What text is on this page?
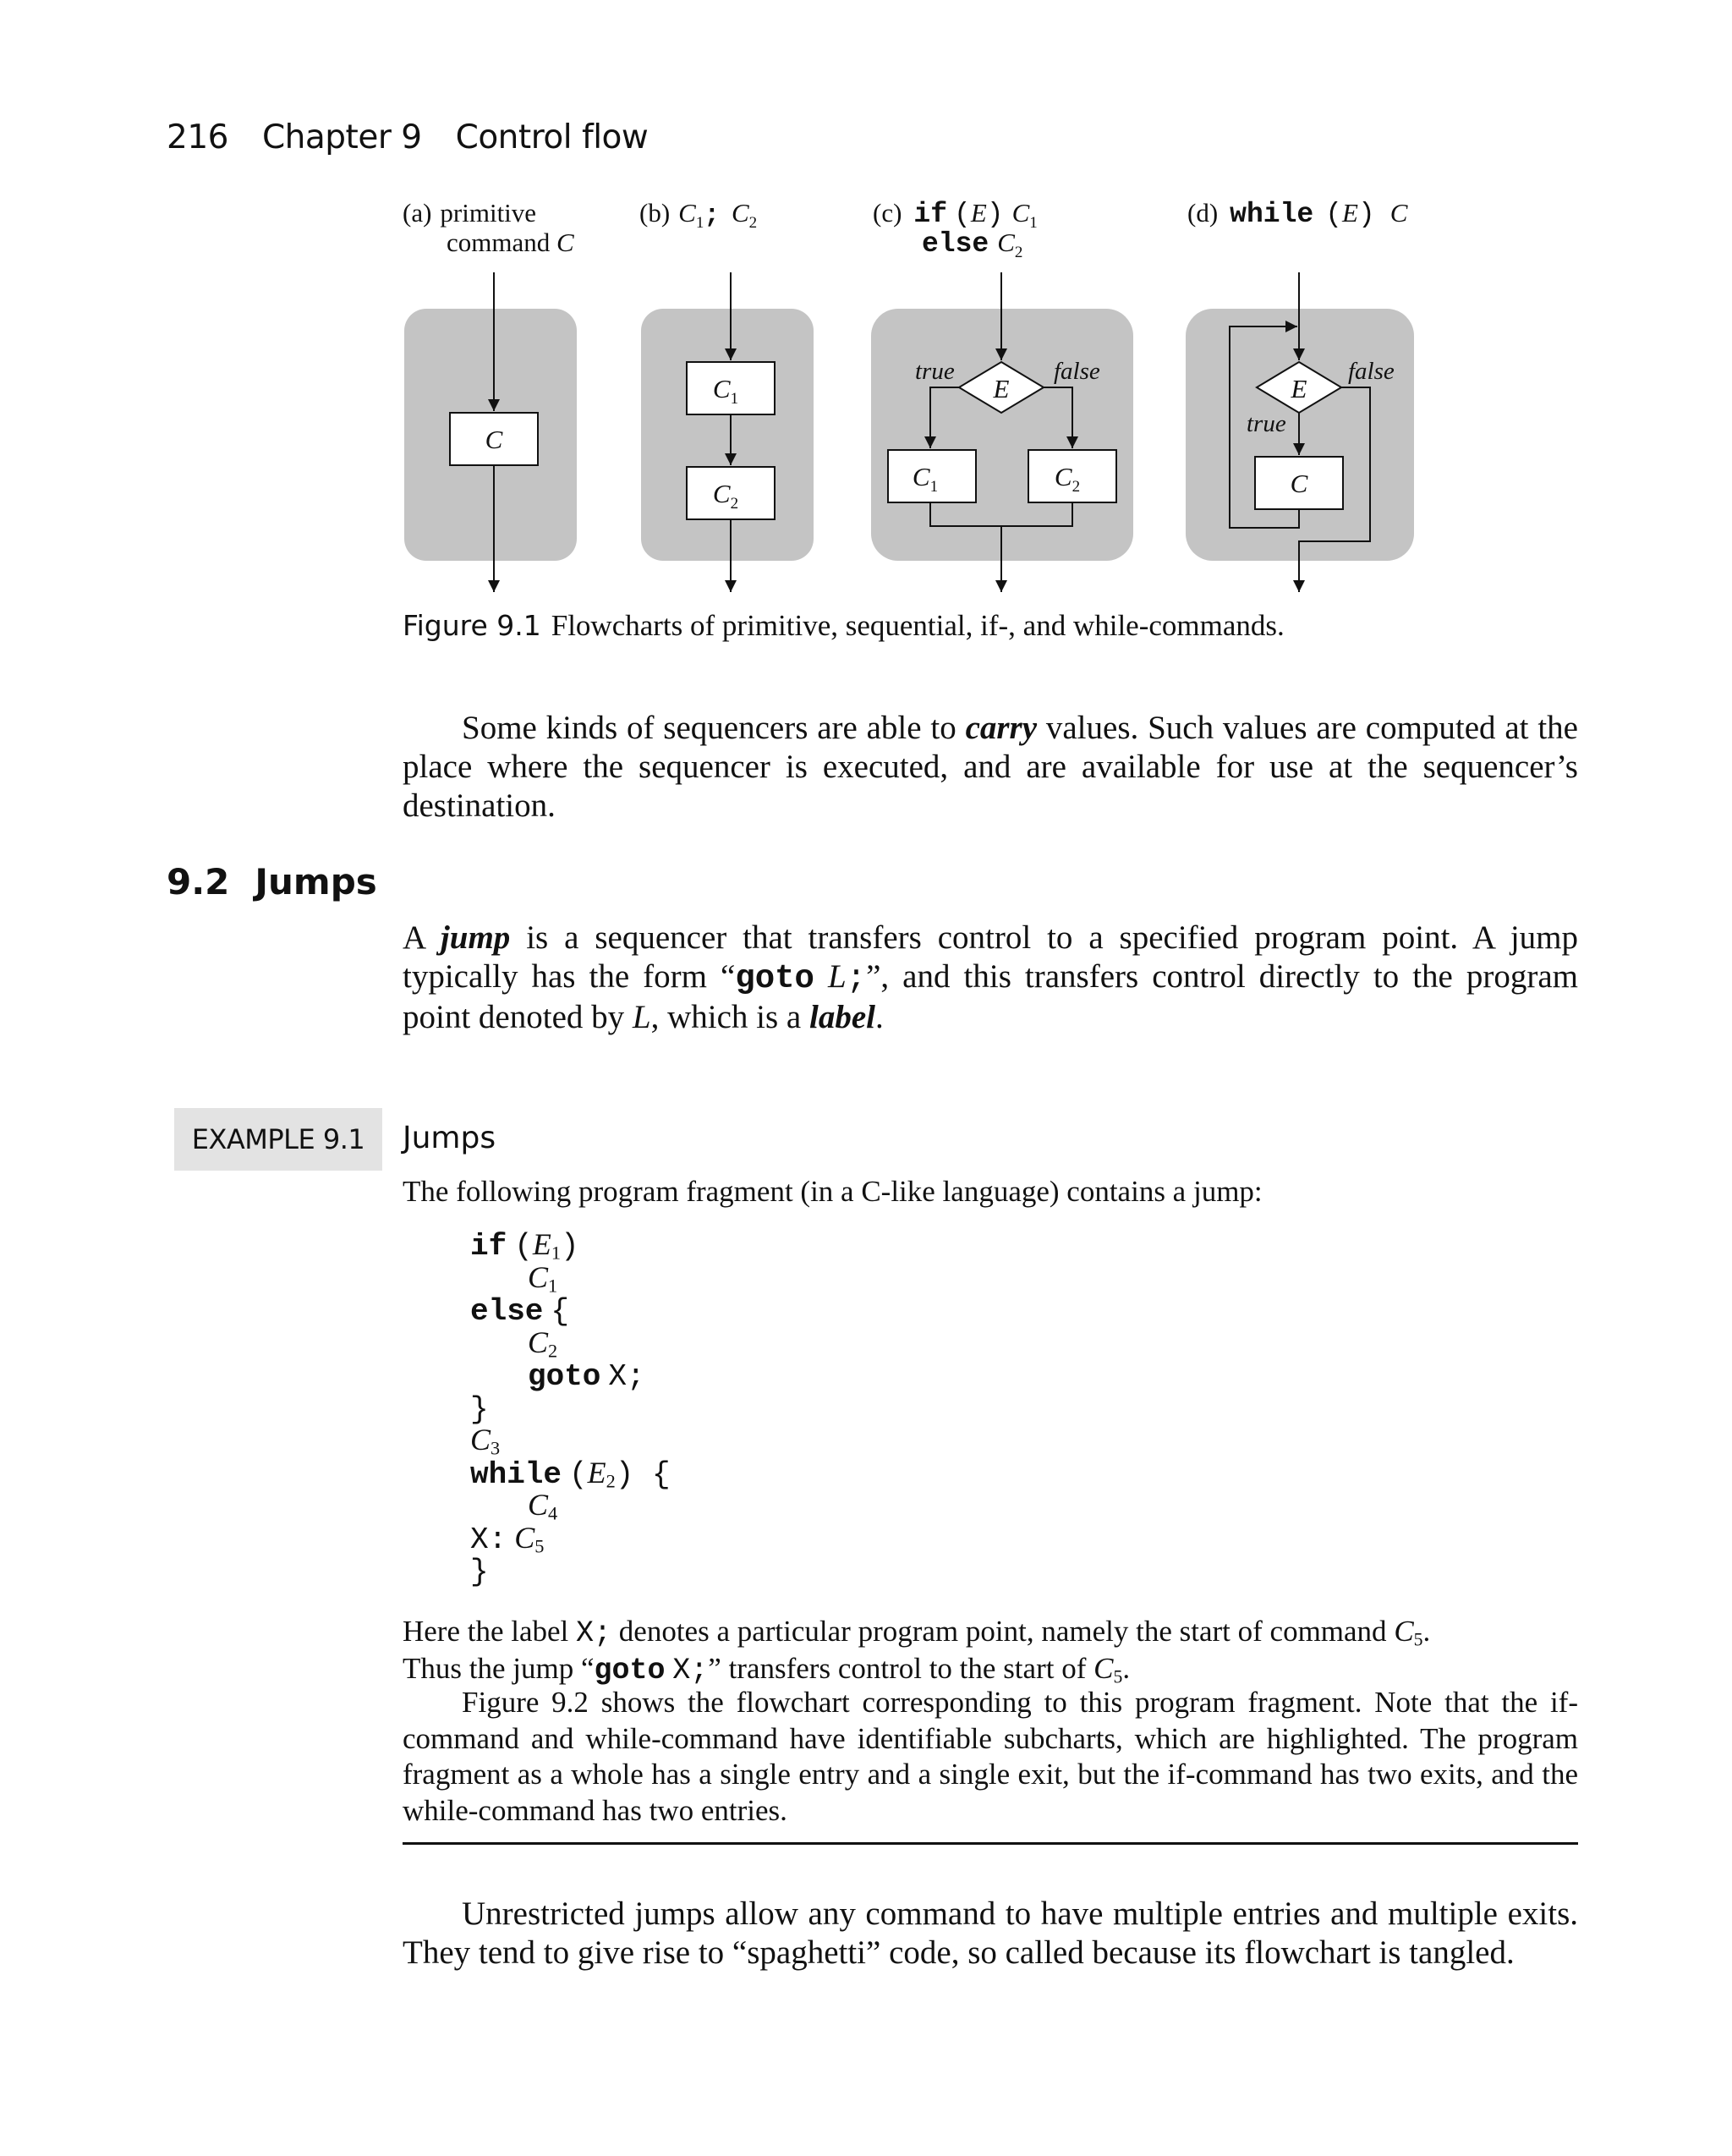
216 Chapter 9 Control flow
(a) primitive
command C
C
(b) $C_1$; $C_2$
$C_1$
$C_2$
(c) if (E) $C_1$
else $C_2$
E
true	false
$C_1$	$C_2$
(d) while (E) C
E
false
true
C
Figure 9.1 Flowcharts of primitive, sequential, if-, and while-commands.

Some kinds of sequencers are able to carry values. Such values are computed at the place where the sequencer is executed, and are available for use at the sequencer’s destination.

9.2 Jumps

A jump is a sequencer that transfers control to a specified program point. A jump typically has the form “goto L;”, and this transfers control directly to the program point denoted by L, which is a label.

EXAMPLE 9.1	Jumps

The following program fragment (in a C-like language) contains a jump:

if $(E_1)$
$C_1$
else {
$C_2$
goto X;
}
$C_3$
while $(E_2)$ {
$C_4$
X: $C_5$
}

Here the label X; denotes a particular program point, namely the start of command $C_5$.
Thus the jump “goto X;” transfers control to the start of $C_5$.

Figure 9.2 shows the flowchart corresponding to this program fragment. Note that the if-command and while-command have identifiable subcharts, which are highlighted. The program fragment as a whole has a single entry and a single exit, but the if-command has two exits, and the while-command has two entries.

Unrestricted jumps allow any command to have multiple entries and multiple exits. They tend to give rise to “spaghetti” code, so called because its flowchart is tangled.
